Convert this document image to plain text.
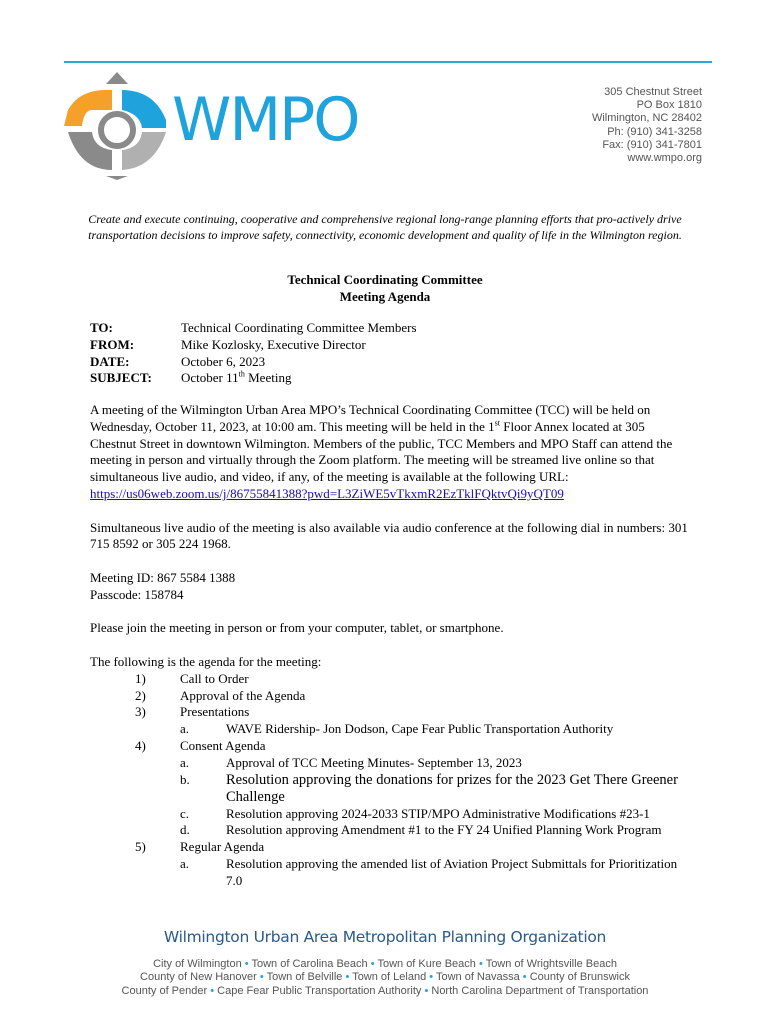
WMPO	305 Chestnut Street
PO Box 1810
Wilmington, NC 28402
Ph: (910) 341-3258
Fax: (910) 341-7801
www.wmpo.org
Create and execute continuing, cooperative and comprehensive regional long-range planning efforts that pro-actively drive transportation decisions to improve safety, connectivity, economic development and quality of life in the Wilmington region.
Technical Coordinating Committee
Meeting Agenda
TO:	Technical Coordinating Committee Members
FROM:	Mike Kozlosky, Executive Director
DATE:	October 6, 2023
SUBJECT:	October 11th Meeting

A meeting of the Wilmington Urban Area MPO’s Technical Coordinating Committee (TCC) will be held on Wednesday, October 11, 2023, at 10:00 am. This meeting will be held in the 1st Floor Annex located at 305 Chestnut Street in downtown Wilmington. Members of the public, TCC Members and MPO Staff can attend the meeting in person and virtually through the Zoom platform. The meeting will be streamed live online so that simultaneous live audio, and video, if any, of the meeting is available at the following URL: https://us06web.zoom.us/j/86755841388?pwd=L3ZiWE5vTkxmR2EzTklFQktvQi9yQT09

Simultaneous live audio of the meeting is also available via audio conference at the following dial in numbers: 301 715 8592 or 305 224 1968.

Meeting ID: 867 5584 1388
Passcode: 158784

Please join the meeting in person or from your computer, tablet, or smartphone.

The following is the agenda for the meeting:
1)	Call to Order
2)	Approval of the Agenda
3)	Presentations
a.	WAVE Ridership- Jon Dodson, Cape Fear Public Transportation Authority
4)	Consent Agenda
a.	Approval of TCC Meeting Minutes- September 13, 2023
b.	Resolution approving the donations for prizes for the 2023 Get There Greener Challenge
c.	Resolution approving 2024-2033 STIP/MPO Administrative Modifications #23-1
d.	Resolution approving Amendment #1 to the FY 24 Unified Planning Work Program
5)	Regular Agenda
a.	Resolution approving the amended list of Aviation Project Submittals for Prioritization 7.0
Wilmington Urban Area Metropolitan Planning Organization
City of Wilmington • Town of Carolina Beach • Town of Kure Beach • Town of Wrightsville Beach
County of New Hanover • Town of Belville • Town of Leland • Town of Navassa • County of Brunswick
County of Pender • Cape Fear Public Transportation Authority • North Carolina Department of Transportation
